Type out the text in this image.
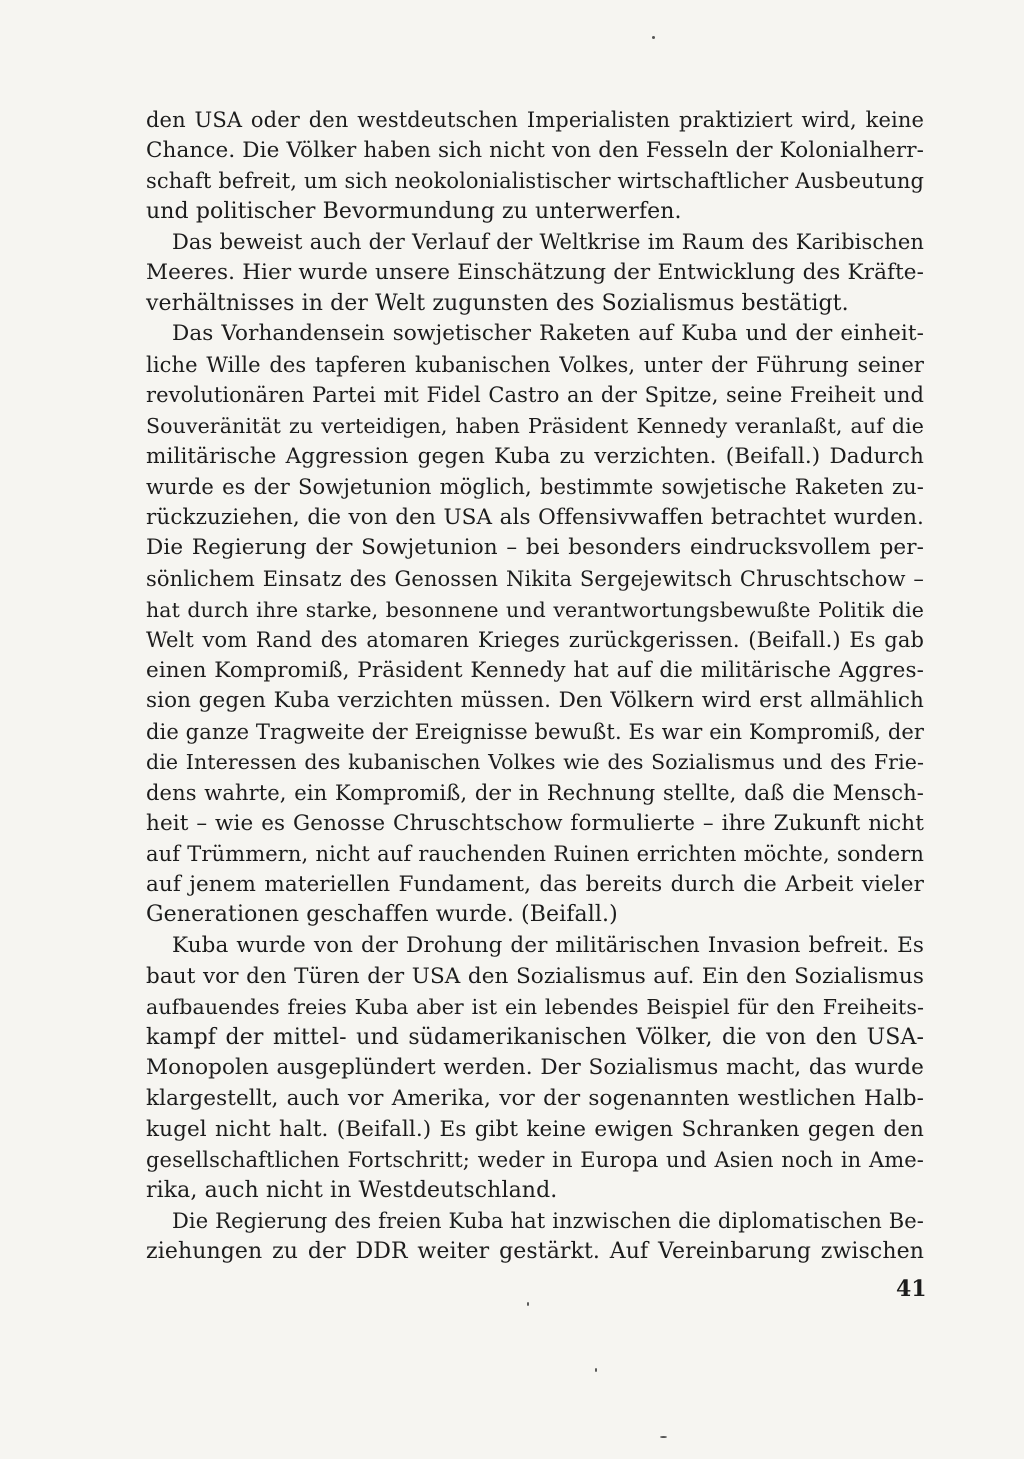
den USA oder den westdeutschen Imperialisten praktiziert wird, keine
Chance. Die Völker haben sich nicht von den Fesseln der Kolonialherr-
schaft befreit, um sich neokolonialistischer wirtschaftlicher Ausbeutung
und politischer Bevormundung zu unterwerfen.
Das beweist auch der Verlauf der Weltkrise im Raum des Karibischen
Meeres. Hier wurde unsere Einschätzung der Entwicklung des Kräfte-
verhältnisses in der Welt zugunsten des Sozialismus bestätigt.
Das Vorhandensein sowjetischer Raketen auf Kuba und der einheit-
liche Wille des tapferen kubanischen Volkes, unter der Führung seiner
revolutionären Partei mit Fidel Castro an der Spitze, seine Freiheit und
Souveränität zu verteidigen, haben Präsident Kennedy veranlaßt, auf die
militärische Aggression gegen Kuba zu verzichten. (Beifall.) Dadurch
wurde es der Sowjetunion möglich, bestimmte sowjetische Raketen zu-
rückzuziehen, die von den USA als Offensivwaffen betrachtet wurden.
Die Regierung der Sowjetunion – bei besonders eindrucksvollem per-
sönlichem Einsatz des Genossen Nikita Sergejewitsch Chruschtschow –
hat durch ihre starke, besonnene und verantwortungsbewußte Politik die
Welt vom Rand des atomaren Krieges zurückgerissen. (Beifall.) Es gab
einen Kompromiß, Präsident Kennedy hat auf die militärische Aggres-
sion gegen Kuba verzichten müssen. Den Völkern wird erst allmählich
die ganze Tragweite der Ereignisse bewußt. Es war ein Kompromiß, der
die Interessen des kubanischen Volkes wie des Sozialismus und des Frie-
dens wahrte, ein Kompromiß, der in Rechnung stellte, daß die Mensch-
heit – wie es Genosse Chruschtschow formulierte – ihre Zukunft nicht
auf Trümmern, nicht auf rauchenden Ruinen errichten möchte, sondern
auf jenem materiellen Fundament, das bereits durch die Arbeit vieler
Generationen geschaffen wurde. (Beifall.)
Kuba wurde von der Drohung der militärischen Invasion befreit. Es
baut vor den Türen der USA den Sozialismus auf. Ein den Sozialismus
aufbauendes freies Kuba aber ist ein lebendes Beispiel für den Freiheits-
kampf der mittel- und südamerikanischen Völker, die von den USA-
Monopolen ausgeplündert werden. Der Sozialismus macht, das wurde
klargestellt, auch vor Amerika, vor der sogenannten westlichen Halb-
kugel nicht halt. (Beifall.) Es gibt keine ewigen Schranken gegen den
gesellschaftlichen Fortschritt; weder in Europa und Asien noch in Ame-
rika, auch nicht in Westdeutschland.
Die Regierung des freien Kuba hat inzwischen die diplomatischen Be-
ziehungen zu der DDR weiter gestärkt. Auf Vereinbarung zwischen
41
